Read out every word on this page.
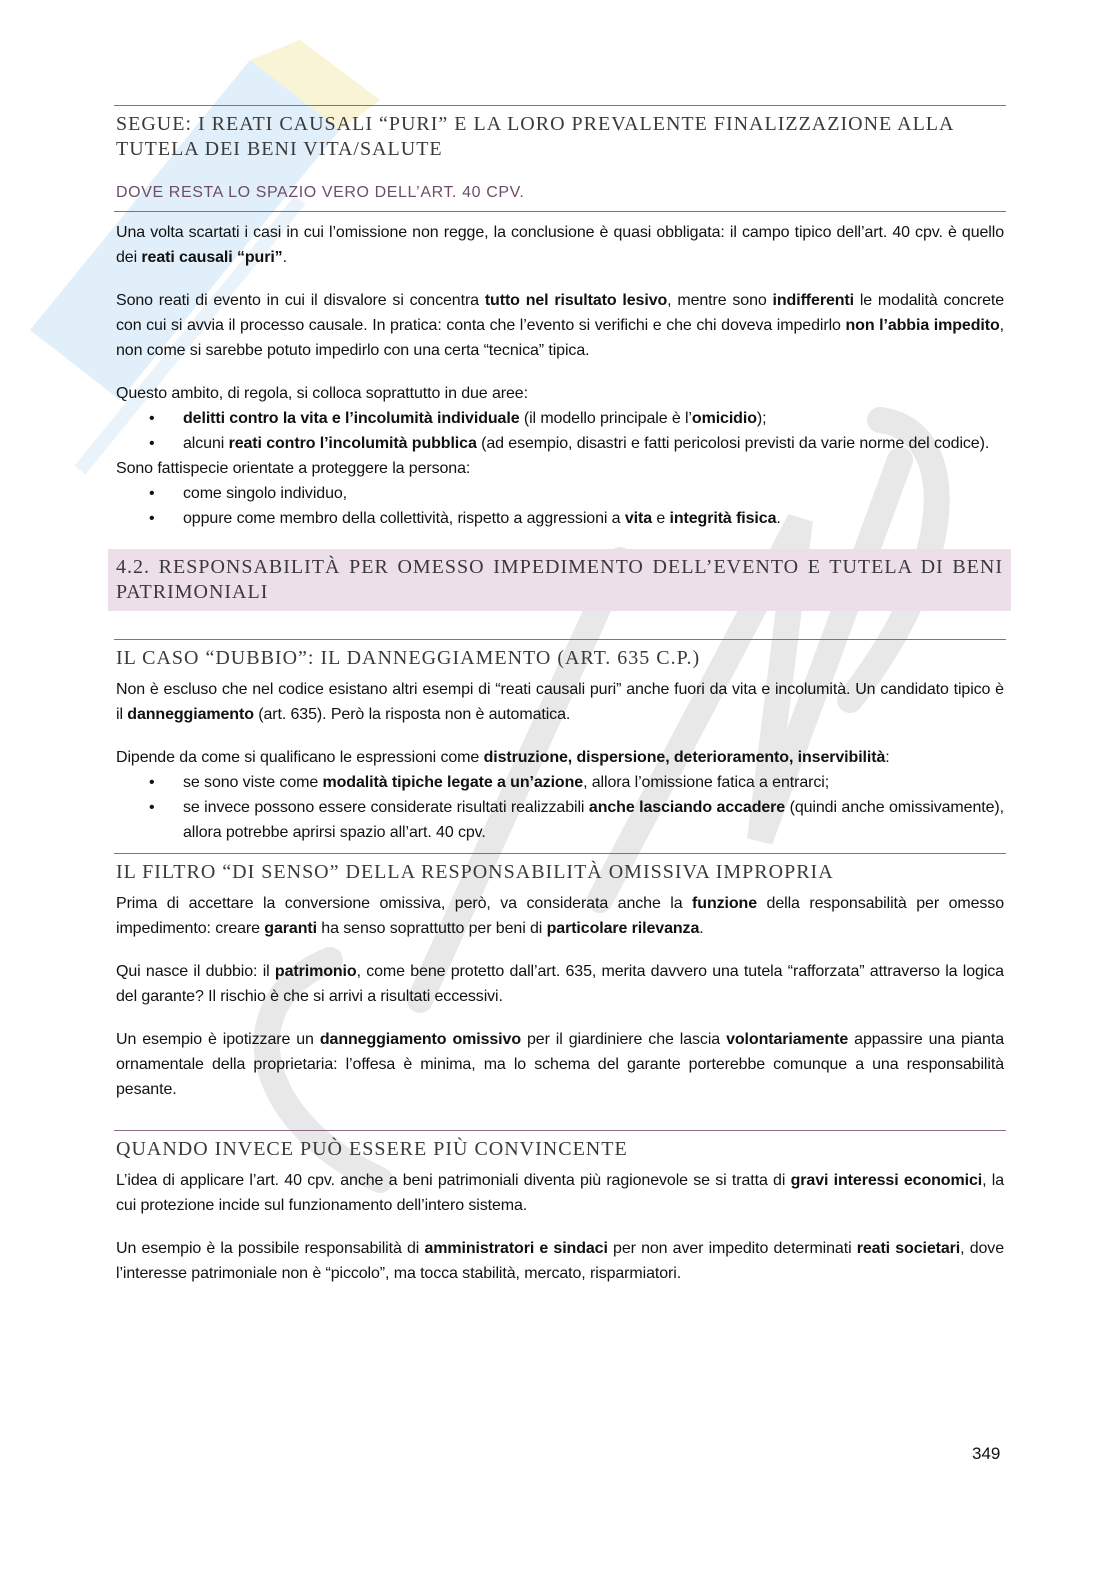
SEGUE: I REATI CAUSALI “PURI” E LA LORO PREVALENTE FINALIZZAZIONE ALLA TUTELA DEI BENI VITA/SALUTE
DOVE RESTA LO SPAZIO VERO DELL’ART. 40 CPV.
Una volta scartati i casi in cui l’omissione non regge, la conclusione è quasi obbligata: il campo tipico dell’art. 40 cpv. è quello dei reati causali “puri”.
Sono reati di evento in cui il disvalore si concentra tutto nel risultato lesivo, mentre sono indifferenti le modalità concrete con cui si avvia il processo causale. In pratica: conta che l’evento si verifichi e che chi doveva impedirlo non l’abbia impedito, non come si sarebbe potuto impedirlo con una certa “tecnica” tipica.
Questo ambito, di regola, si colloca soprattutto in due aree:
• delitti contro la vita e l’incolumità individuale (il modello principale è l’omicidio);
• alcuni reati contro l’incolumità pubblica (ad esempio, disastri e fatti pericolosi previsti da varie norme del codice).
Sono fattispecie orientate a proteggere la persona:
• come singolo individuo,
• oppure come membro della collettività, rispetto a aggressioni a vita e integrità fisica.
4.2. RESPONSABILITÀ PER OMESSO IMPEDIMENTO DELL’EVENTO E TUTELA DI BENI PATRIMONIALI
IL CASO “DUBBIO”: IL DANNEGGIAMENTO (ART. 635 C.P.)
Non è escluso che nel codice esistano altri esempi di “reati causali puri” anche fuori da vita e incolumità. Un candidato tipico è il danneggiamento (art. 635). Però la risposta non è automatica.
Dipende da come si qualificano le espressioni come distruzione, dispersione, deterioramento, inservibilità:
• se sono viste come modalità tipiche legate a un’azione, allora l’omissione fatica a entrarci;
• se invece possono essere considerate risultati realizzabili anche lasciando accadere (quindi anche omissivamente), allora potrebbe aprirsi spazio all’art. 40 cpv.
IL FILTRO “DI SENSO” DELLA RESPONSABILITÀ OMISSIVA IMPROPRIA
Prima di accettare la conversione omissiva, però, va considerata anche la funzione della responsabilità per omesso impedimento: creare garanti ha senso soprattutto per beni di particolare rilevanza.
Qui nasce il dubbio: il patrimonio, come bene protetto dall’art. 635, merita davvero una tutela “rafforzata” attraverso la logica del garante? Il rischio è che si arrivi a risultati eccessivi.
Un esempio è ipotizzare un danneggiamento omissivo per il giardiniere che lascia volontariamente appassire una pianta ornamentale della proprietaria: l’offesa è minima, ma lo schema del garante porterebbe comunque a una responsabilità pesante.
QUANDO INVECE PUÒ ESSERE PIÙ CONVINCENTE
L’idea di applicare l’art. 40 cpv. anche a beni patrimoniali diventa più ragionevole se si tratta di gravi interessi economici, la cui protezione incide sul funzionamento dell’intero sistema.
Un esempio è la possibile responsabilità di amministratori e sindaci per non aver impedito determinati reati societari, dove l’interesse patrimoniale non è “piccolo”, ma tocca stabilità, mercato, risparmiatori.
349
